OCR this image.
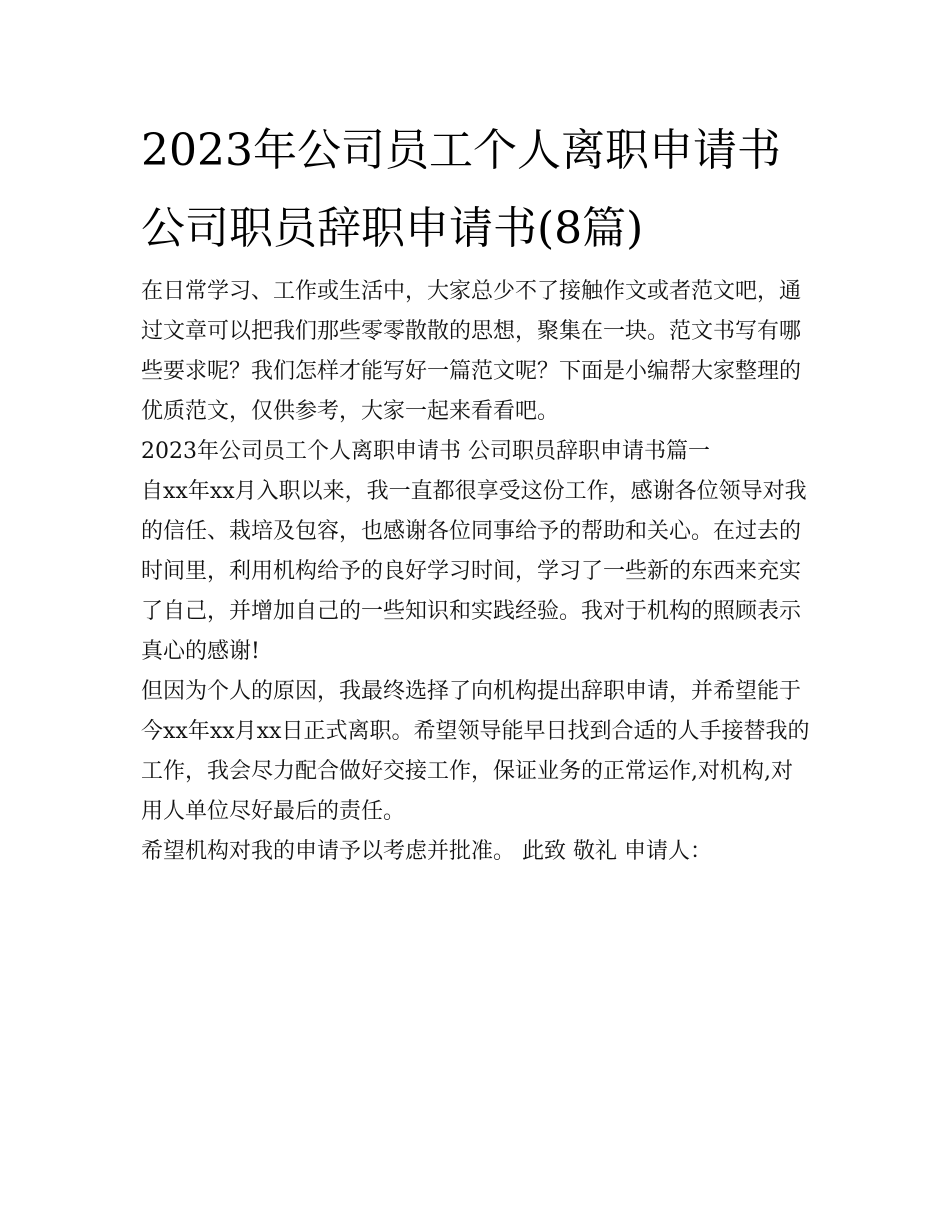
2023年公司员工个人离职申请书 公司职员辞职申请书(8篇)

在日常学习、工作或生活中，大家总少不了接触作文或者范文吧，通过文章可以把我们那些零零散散的思想，聚集在一块。范文书写有哪些要求呢？我们怎样才能写好一篇范文呢？下面是小编帮大家整理的优质范文，仅供参考，大家一起来看看吧。

2023年公司员工个人离职申请书 公司职员辞职申请书篇一

自xx年xx月入职以来，我一直都很享受这份工作，感谢各位领导对我的信任、栽培及包容，也感谢各位同事给予的帮助和关心。在过去的时间里，利用机构给予的良好学习时间，学习了一些新的东西来充实了自己，并增加自己的一些知识和实践经验。我对于机构的照顾表示真心的感谢!

但因为个人的原因，我最终选择了向机构提出辞职申请，并希望能于今xx年xx月xx日正式离职。希望领导能早日找到合适的人手接替我的工作，我会尽力配合做好交接工作，保证业务的正常运作,对机构,对用人单位尽好最后的责任。

希望机构对我的申请予以考虑并批准。 此致 敬礼 申请人：
